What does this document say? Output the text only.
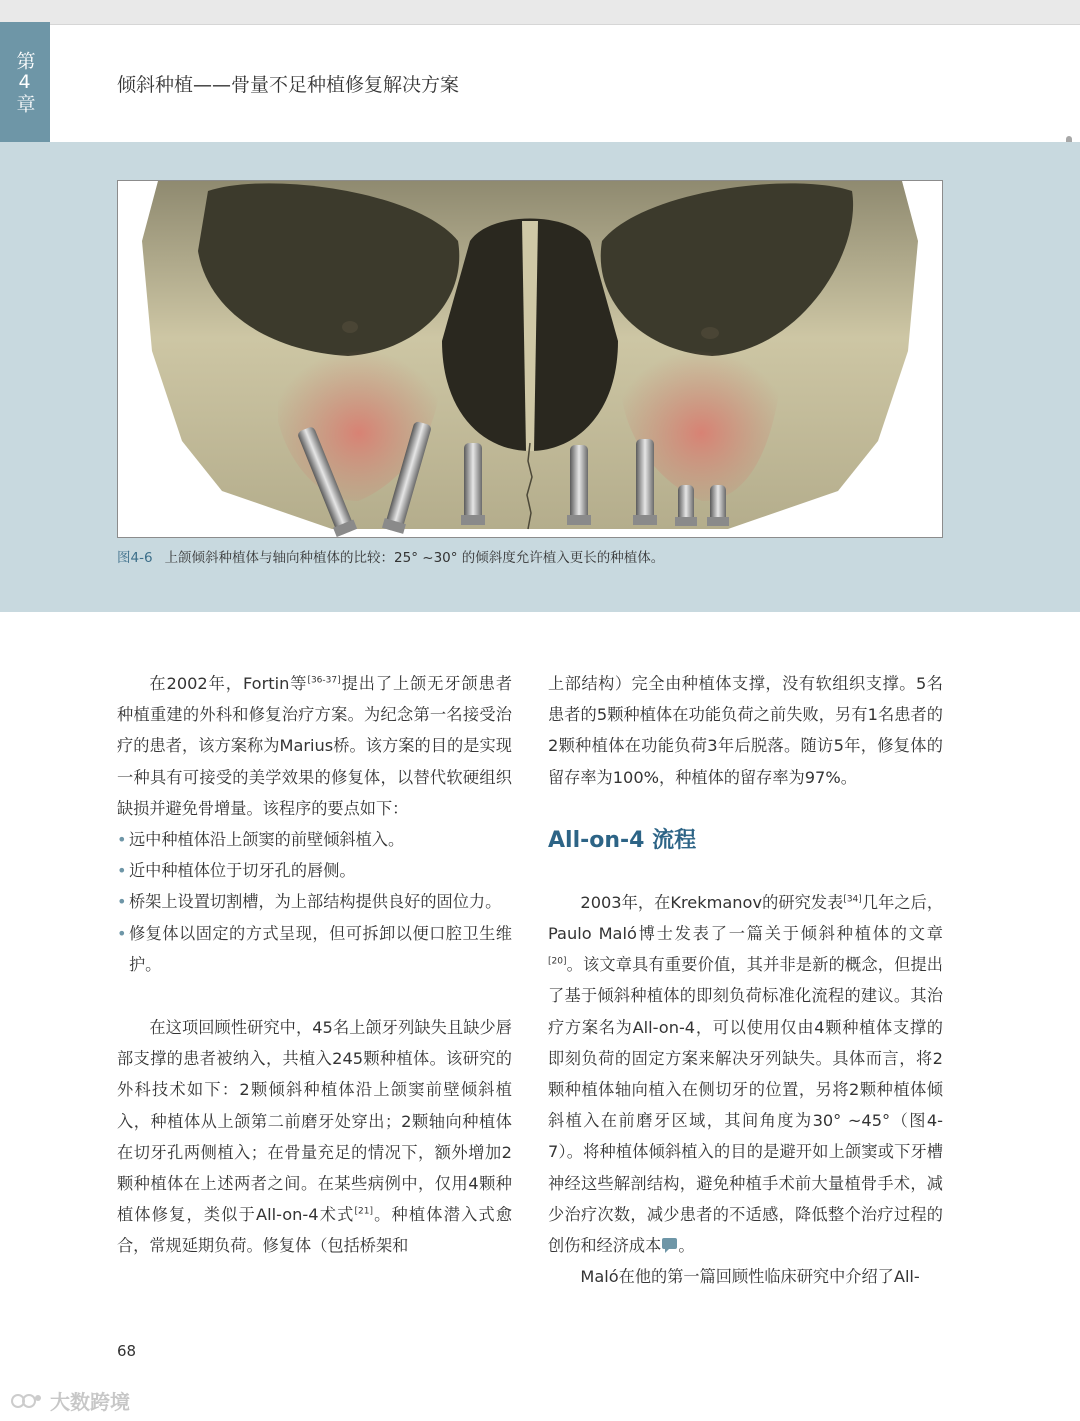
第4章	倾斜种植——骨量不足种植修复解决方案
图4-6 上颌倾斜种植体与轴向种植体的比较：25° ~30° 的倾斜度允许植入更长的种植体。

在2002年，Fortin等[36-37]提出了上颌无牙颌患者种植重建的外科和修复治疗方案。为纪念第一名接受治疗的患者，该方案称为Marius桥。该方案的目的是实现一种具有可接受的美学效果的修复体，以替代软硬组织缺损并避免骨增量。该程序的要点如下：

• 远中种植体沿上颌窦的前壁倾斜植入。
• 近中种植体位于切牙孔的唇侧。
• 桥架上设置切割槽，为上部结构提供良好的固位力。
• 修复体以固定的方式呈现，但可拆卸以便口腔卫生维护。

在这项回顾性研究中，45名上颌牙列缺失且缺少唇部支撑的患者被纳入，共植入245颗种植体。该研究的外科技术如下：2颗倾斜种植体沿上颌窦前壁倾斜植入，种植体从上颌第二前磨牙处穿出；2颗轴向种植体在切牙孔两侧植入；在骨量充足的情况下，额外增加2颗种植体在上述两者之间。在某些病例中，仅用4颗种植体修复，类似于All-on-4术式[21]。种植体潜入式愈合，常规延期负荷。修复体（包括桥架和

上部结构）完全由种植体支撑，没有软组织支撑。5名患者的5颗种植体在功能负荷之前失败，另有1名患者的2颗种植体在功能负荷3年后脱落。随访5年，修复体的留存率为100%，种植体的留存率为97%。

All-on-4 流程

2003年，在Krekmanov的研究发表[34]几年之后，Paulo Maló博士发表了一篇关于倾斜种植体的文章[20]。该文章具有重要价值，其并非是新的概念，但提出了基于倾斜种植体的即刻负荷标准化流程的建议。其治疗方案名为All-on-4，可以使用仅由4颗种植体支撑的即刻负荷的固定方案来解决牙列缺失。具体而言，将2颗种植体轴向植入在侧切牙的位置，另将2颗种植体倾斜植入在前磨牙区域，其间角度为30° ~45°（图4-7）。将种植体倾斜植入的目的是避开如上颌窦或下牙槽神经这些解剖结构，避免种植手术前大量植骨手术，减少治疗次数，减少患者的不适感，降低整个治疗过程的创伤和经济成本 。

Maló在他的第一篇回顾性临床研究中介绍了All-

68
大数跨境
